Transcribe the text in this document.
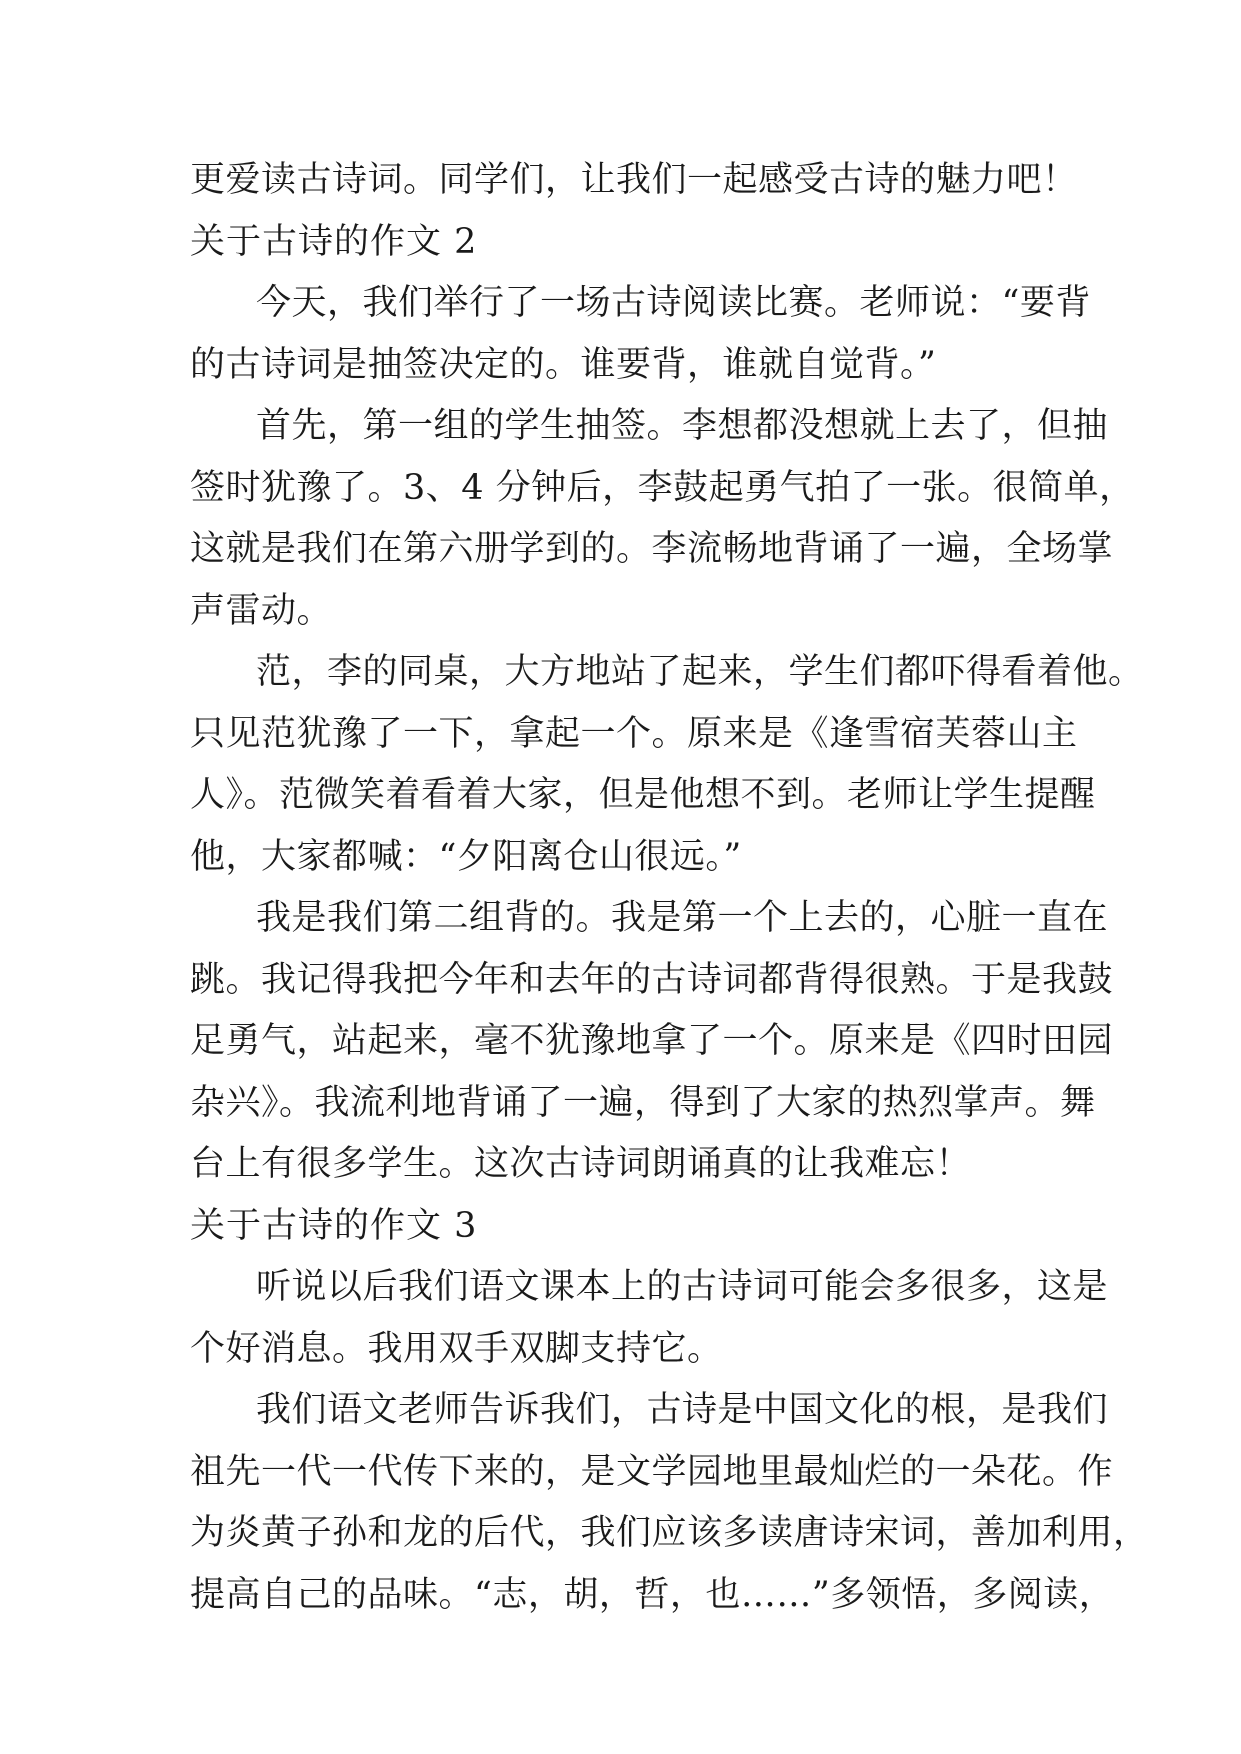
更爱读古诗词。同学们，让我们一起感受古诗的魅力吧！
关于古诗的作文 2
今天，我们举行了一场古诗阅读比赛。老师说：“要背
的古诗词是抽签决定的。谁要背，谁就自觉背。”
首先，第一组的学生抽签。李想都没想就上去了，但抽
签时犹豫了。3、4 分钟后，李鼓起勇气拍了一张。很简单，
这就是我们在第六册学到的。李流畅地背诵了一遍，全场掌
声雷动。
范，李的同桌，大方地站了起来，学生们都吓得看着他。
只见范犹豫了一下，拿起一个。原来是《逢雪宿芙蓉山主
人》。范微笑着看着大家，但是他想不到。老师让学生提醒
他，大家都喊：“夕阳离仓山很远。”
我是我们第二组背的。我是第一个上去的，心脏一直在
跳。我记得我把今年和去年的古诗词都背得很熟。于是我鼓
足勇气，站起来，毫不犹豫地拿了一个。原来是《四时田园
杂兴》。我流利地背诵了一遍，得到了大家的热烈掌声。舞
台上有很多学生。这次古诗词朗诵真的让我难忘！
关于古诗的作文 3
听说以后我们语文课本上的古诗词可能会多很多，这是
个好消息。我用双手双脚支持它。
我们语文老师告诉我们，古诗是中国文化的根，是我们
祖先一代一代传下来的，是文学园地里最灿烂的一朵花。作
为炎黄子孙和龙的后代，我们应该多读唐诗宋词，善加利用，
提高自己的品味。“志，胡，哲，也……”多领悟，多阅读，
